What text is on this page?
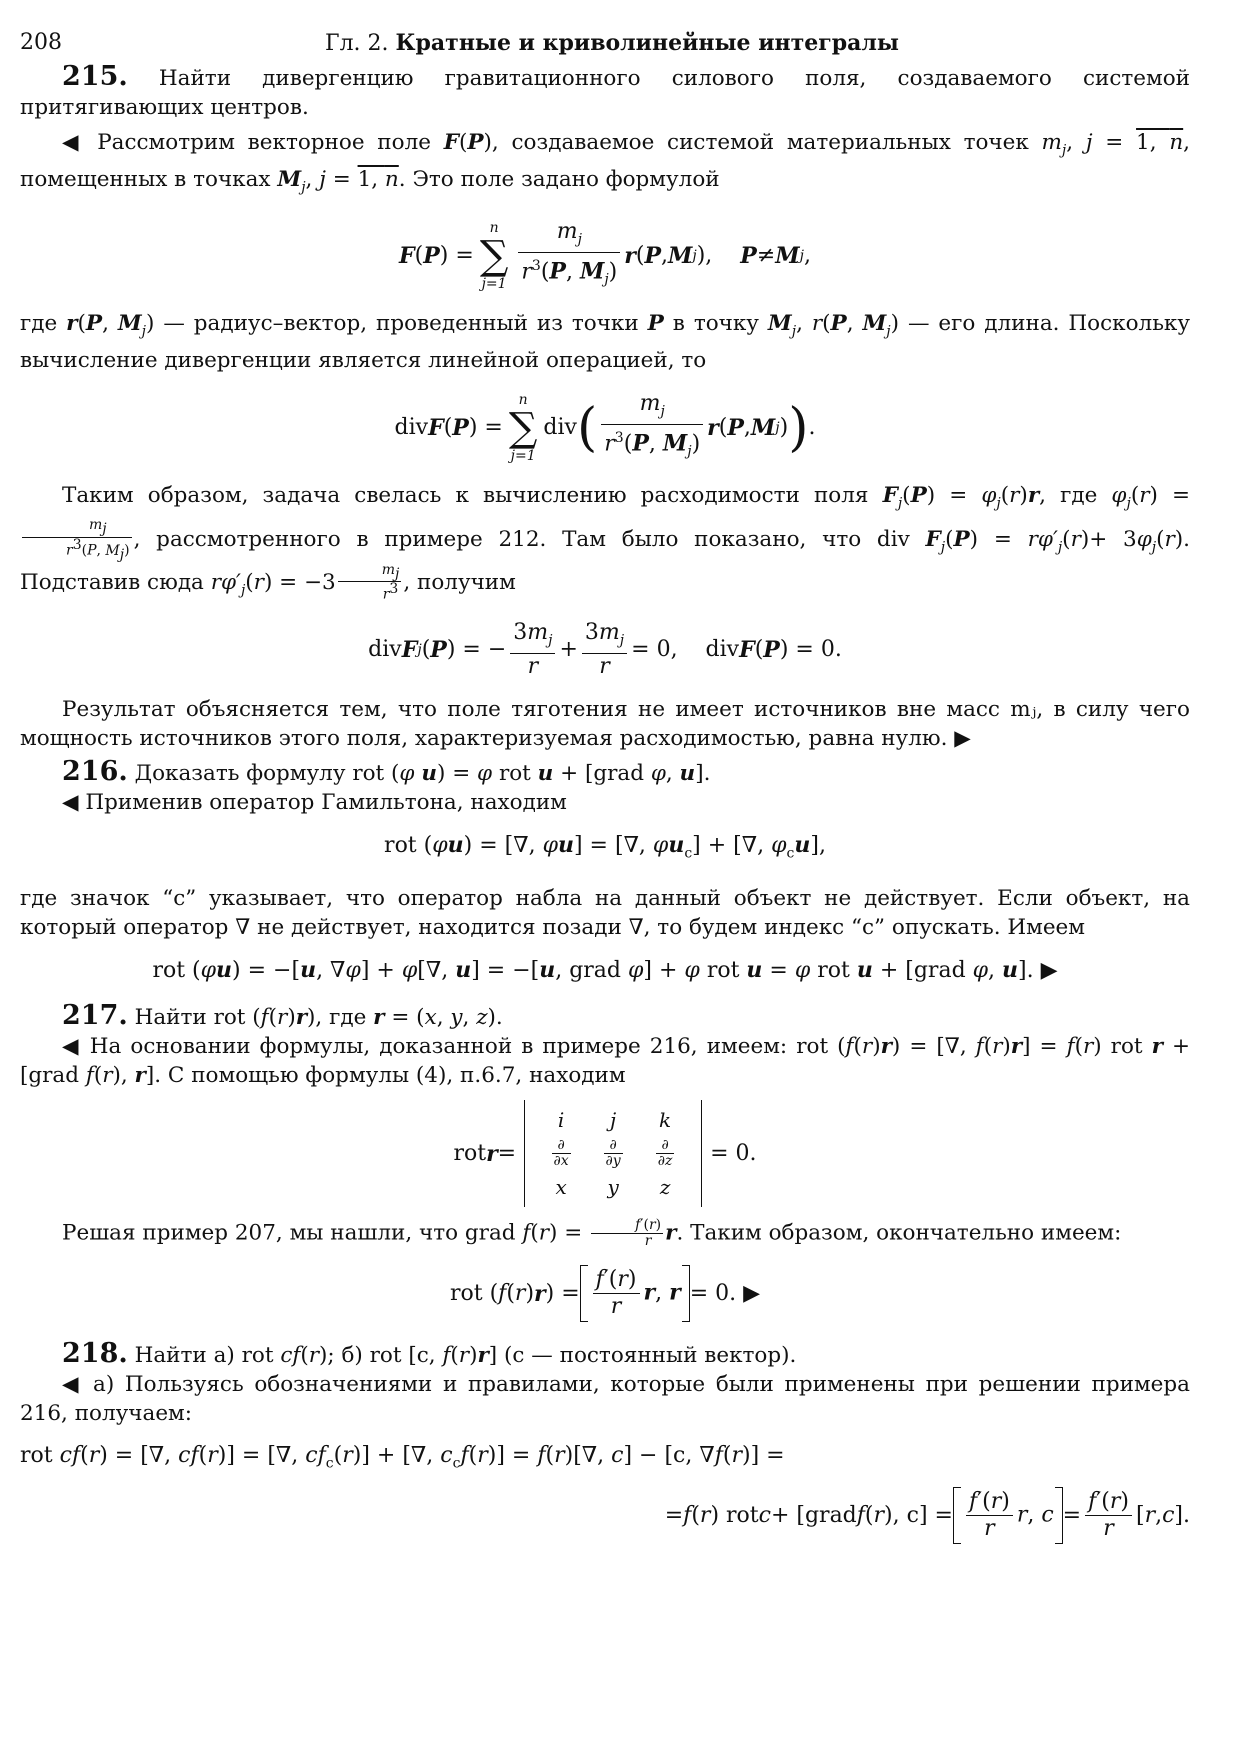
208	Гл. 2. Кратные и криволинейные интегралы

215. Найти дивергенцию гравитационного силового поля, создаваемого системой притягивающих центров.

◀ Рассмотрим векторное поле F(P), создаваемое системой материальных точек $m_j$, j = 1, n, помещенных в точках $M_j$, j = 1, n. Это поле задано формулой

F ( P ) =
n
∑
$j=1 \frac{m_j}{r^3(P, M_j)}$ r ( P , M j ), P ≠ M j ,

где r(P, $M_j$) — радиус–вектор, проведенный из точки P в точку $M_j$, r(P, $M_j$) — его длина. Поскольку вычисление дивергенции является линейной операцией, то

div F ( P ) =
n
∑
j=1
div ( $\frac{m_j}{r^3(P, M_j)}$ r ( P , M j ) ) .

Таким образом, задача свелась к вычислению расходимости поля $F_j(P) = \varphi_j(r)r$, где $\varphi_j(r)$ =
$\frac{m_j}{r^3(P, M_j)}$ , рассмотренного в примере 212. Там было показано, что div $F_j(P) = r\varphi'_j(r)+ 3\varphi_j(r)$. Подставив сюда $r\varphi'_j(r) = -3 \frac{m_j}{r^3}$ , получим

div F j ( P ) = − $\frac{3m_j}{r} + \frac{3m_j}{r} = 0$,    div F ( P ) = 0.

Результат объясняется тем, что поле тяготения не имеет источников вне масс mⱼ, в силу чего мощность источников этого поля, характеризуемая расходимостью, равна нулю. ▶

216. Доказать формулу rot (φ u) = φ rot u + [grad φ, u].

◀ Применив оператор Гамильтона, находим

rot (φu) = [∇, φu] = [∇, $\varphi u_c$] + [∇, $\varphi_cu$],

где значок “c” указывает, что оператор набла на данный объект не действует. Если объект, на который оператор ∇ не действует, находится позади ∇, то будем индекс “c” опускать. Имеем

rot (φu) = −[u, ∇φ] + φ[∇, u] = −[u, grad φ] + φ rot u = φ rot u + [grad φ, u]. ▶

217. Найти rot (f(r)r), где r = (x, y, z).

◀ На основании формулы, доказанной в примере 216, имеем: rot (f(r)r) = [∇, f(r)r] = f(r) rot r + [grad f(r), r]. С помощью формулы (4), п.6.7, находим

rot r =
i j k
∂
∂x
∂
∂y
∂
∂z
x y z
= 0.

Решая пример 207, мы нашли, что grad $f(r) = \frac{f'(r)}{r} r$. Таким образом, окончательно имеем:

rot ( f ( r ) r ) = $\frac{f'(r)}{r} r$, r = 0. ▶

218. Найти а) rot cf(r); б) rot [c, f(r)r] (c — постоянный вектор).

◀ а) Пользуясь обозначениями и правилами, которые были применены при решении примера 216, получаем:

rot cf(r) = [∇, cf(r)] = [∇, $cf_c(r)$] + [∇, $c_cf(r)] = f(r)[\nabla$, c] − [c, ∇f(r)] =
= f ( r ) rot c + [grad f ( r ), $c] = \frac{f'(r)}{r} r$, $c = \frac{f'(r)}{r}$ [ r , c ].
